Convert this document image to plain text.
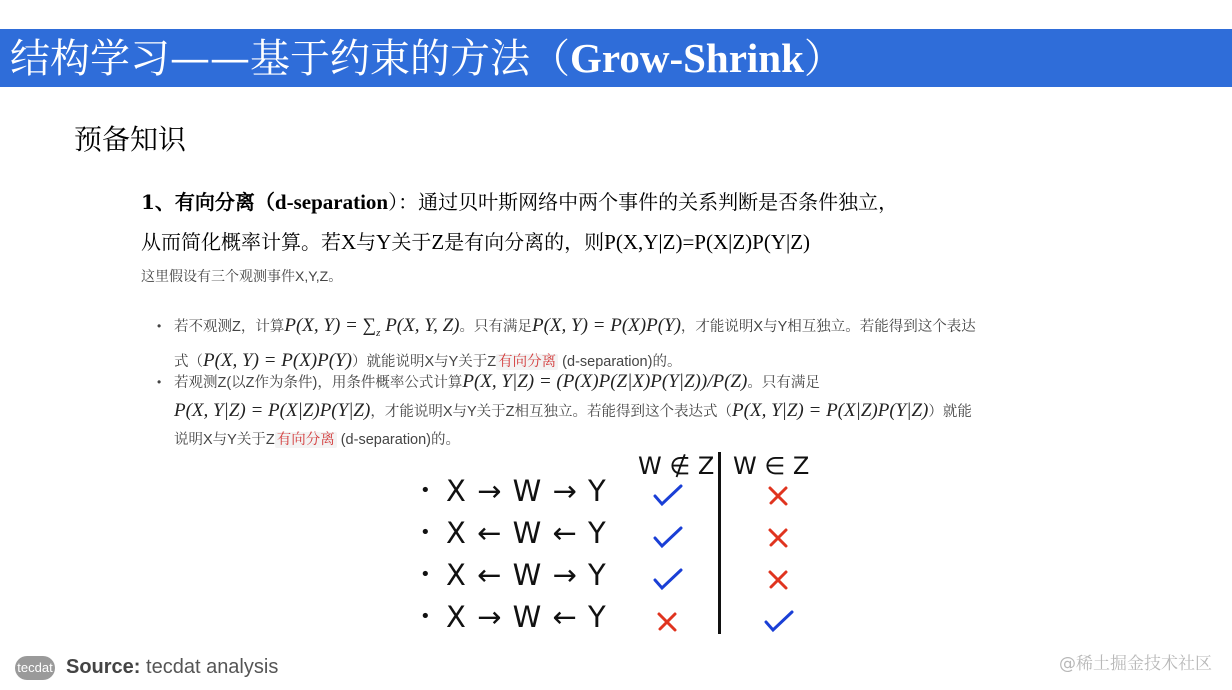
结构学习——基于约束的方法（Grow-Shrink）
预备知识
1、有向分离（d-separation）：通过贝叶斯网络中两个事件的关系判断是否条件独立，
从而简化概率计算。若X与Y关于Z是有向分离的，则P(X,Y|Z)=P(X|Z)P(Y|Z)
这里假设有三个观测事件X,Y,Z。
• 若不观测Z，计算P(X, $Y) = \sum_z$ P(X, Y, Z)。只有满足P(X, Y) = P(X)P(Y)，才能说明X与Y相互独立。若能得到这个表达
式（P(X, Y) = P(X)P(Y)）就能说明X与Y关于Z 有向分离 (d-separation)的。
• 若观测Z(以Z作为条件)，用条件概率公式计算P(X, Y|Z) = (P(X)P(Z|X)P(Y|Z))/P(Z)。只有满足
P(X, Y|Z) = P(X|Z)P(Y|Z)，才能说明X与Y关于Z相互独立。若能得到这个表达式（P(X, Y|Z) = P(X|Z)P(Y|Z)）就能
说明X与Y关于Z 有向分离 (d-separation)的。
W ∉ Z W ∈ Z
• X → W → Y
• X ← W ← Y
• X ← W → Y
• X → W ← Y
tecdat Source: tecdat analysis	@稀土掘金技术社区
